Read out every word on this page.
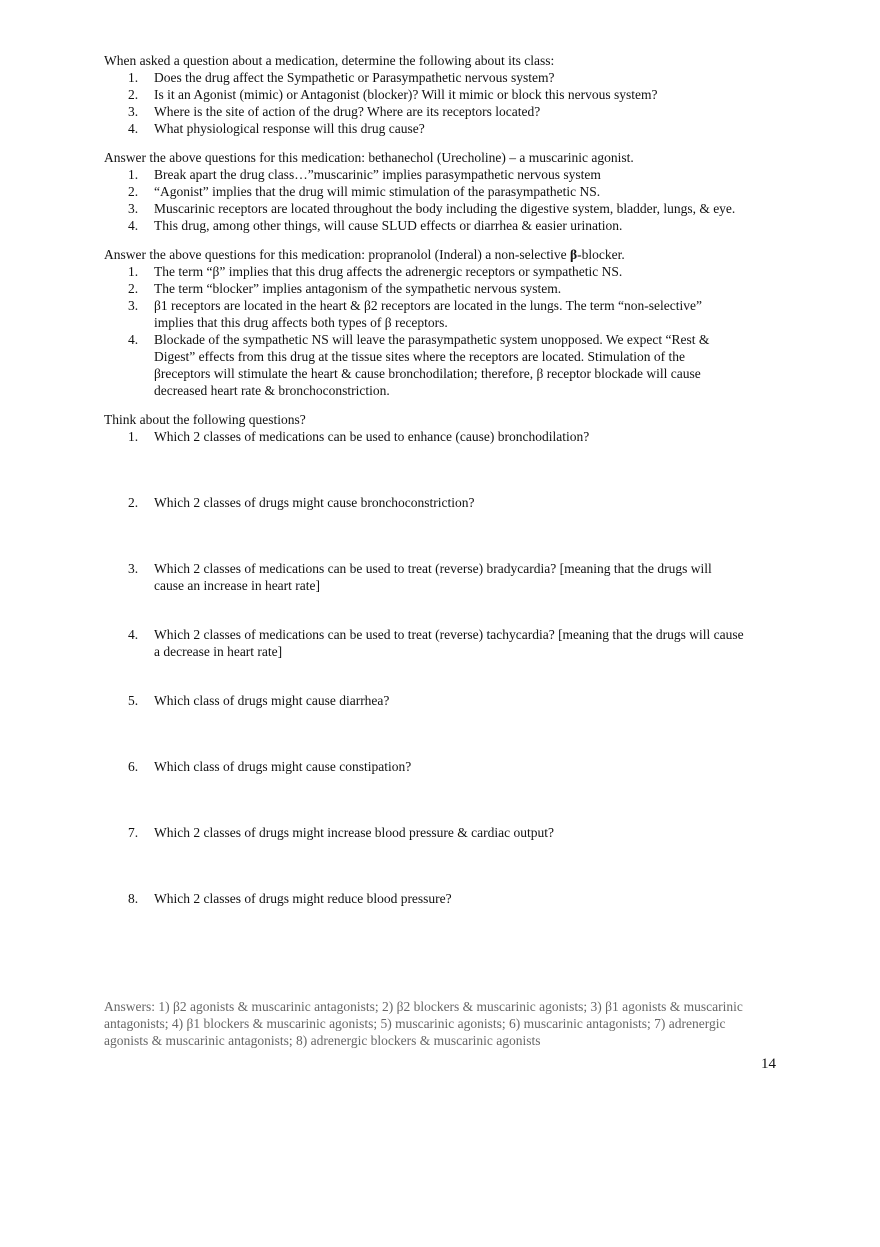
When asked a question about a medication, determine the following about its class:

1. Does the drug affect the Sympathetic or Parasympathetic nervous system?
2. Is it an Agonist (mimic) or Antagonist (blocker)? Will it mimic or block this nervous system?
3. Where is the site of action of the drug? Where are its receptors located?
4. What physiological response will this drug cause?

Answer the above questions for this medication: bethanechol (Urecholine) – a muscarinic agonist.

1. Break apart the drug class…”muscarinic” implies parasympathetic nervous system
2. “Agonist” implies that the drug will mimic stimulation of the parasympathetic NS.
3. Muscarinic receptors are located throughout the body including the digestive system, bladder, lungs, & eye.
4. This drug, among other things, will cause SLUD effects or diarrhea & easier urination.

Answer the above questions for this medication: propranolol (Inderal) a non-selective β-blocker.

1. The term “β” implies that this drug affects the adrenergic receptors or sympathetic NS.
2. The term “blocker” implies antagonism of the sympathetic nervous system.
3. β1 receptors are located in the heart & β2 receptors are located in the lungs. The term “non-selective” implies that this drug affects both types of β receptors.
4. Blockade of the sympathetic NS will leave the parasympathetic system unopposed. We expect “Rest & Digest” effects from this drug at the tissue sites where the receptors are located. Stimulation of the βreceptors will stimulate the heart & cause bronchodilation; therefore, β receptor blockade will cause decreased heart rate & bronchoconstriction.

Think about the following questions?

1. Which 2 classes of medications can be used to enhance (cause) bronchodilation?
2. Which 2 classes of drugs might cause bronchoconstriction?
3. Which 2 classes of medications can be used to treat (reverse) bradycardia? [meaning that the drugs will cause an increase in heart rate]
4. Which 2 classes of medications can be used to treat (reverse) tachycardia? [meaning that the drugs will cause a decrease in heart rate]
5. Which class of drugs might cause diarrhea?
6. Which class of drugs might cause constipation?
7. Which 2 classes of drugs might increase blood pressure & cardiac output?
8. Which 2 classes of drugs might reduce blood pressure?

Answers: 1) β2 agonists & muscarinic antagonists; 2) β2 blockers & muscarinic agonists; 3) β1 agonists & muscarinic antagonists; 4) β1 blockers & muscarinic agonists; 5) muscarinic agonists; 6) muscarinic antagonists; 7) adrenergic agonists & muscarinic antagonists; 8) adrenergic blockers & muscarinic agonists

14
